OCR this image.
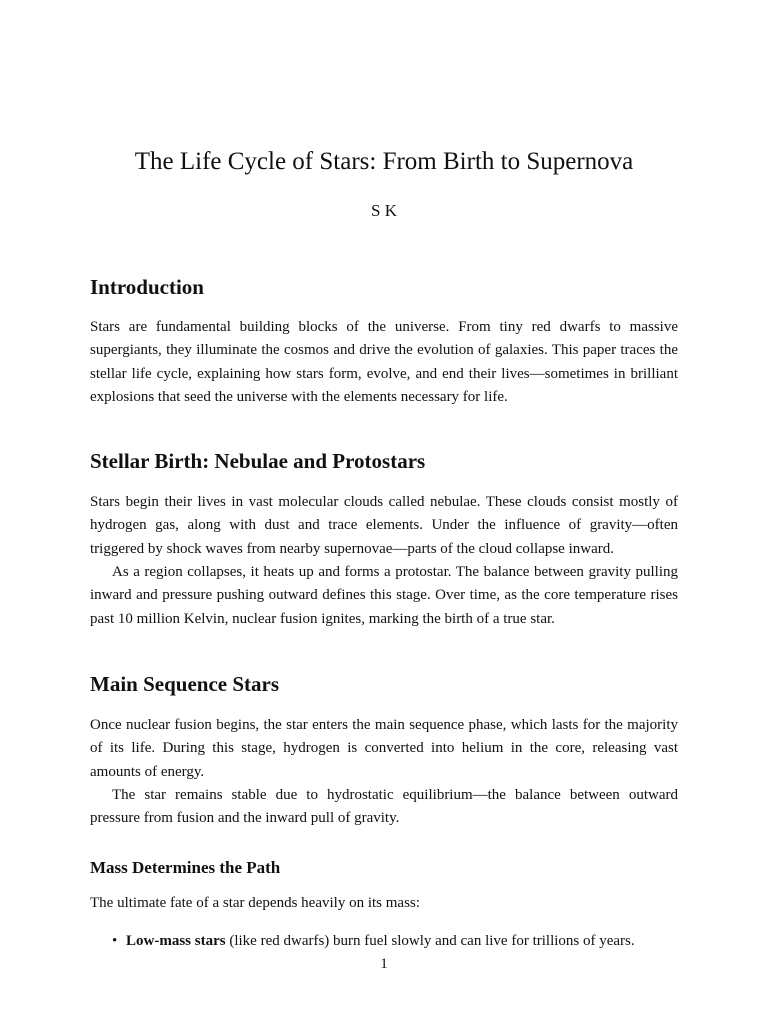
The Life Cycle of Stars: From Birth to Supernova
S K
Introduction

Stars are fundamental building blocks of the universe. From tiny red dwarfs to massive supergiants, they illuminate the cosmos and drive the evolution of galaxies. This paper traces the stellar life cycle, explaining how stars form, evolve, and end their lives—sometimes in brilliant explosions that seed the universe with the elements necessary for life.

Stellar Birth: Nebulae and Protostars

Stars begin their lives in vast molecular clouds called nebulae. These clouds consist mostly of hydrogen gas, along with dust and trace elements. Under the influence of gravity—often triggered by shock waves from nearby supernovae—parts of the cloud collapse inward.

As a region collapses, it heats up and forms a protostar. The balance between gravity pulling inward and pressure pushing outward defines this stage. Over time, as the core temperature rises past 10 million Kelvin, nuclear fusion ignites, marking the birth of a true star.

Main Sequence Stars

Once nuclear fusion begins, the star enters the main sequence phase, which lasts for the majority of its life. During this stage, hydrogen is converted into helium in the core, releasing vast amounts of energy.

The star remains stable due to hydrostatic equilibrium—the balance between outward pressure from fusion and the inward pull of gravity.

Mass Determines the Path

The ultimate fate of a star depends heavily on its mass:

• Low-mass stars (like red dwarfs) burn fuel slowly and can live for trillions of years.
1
